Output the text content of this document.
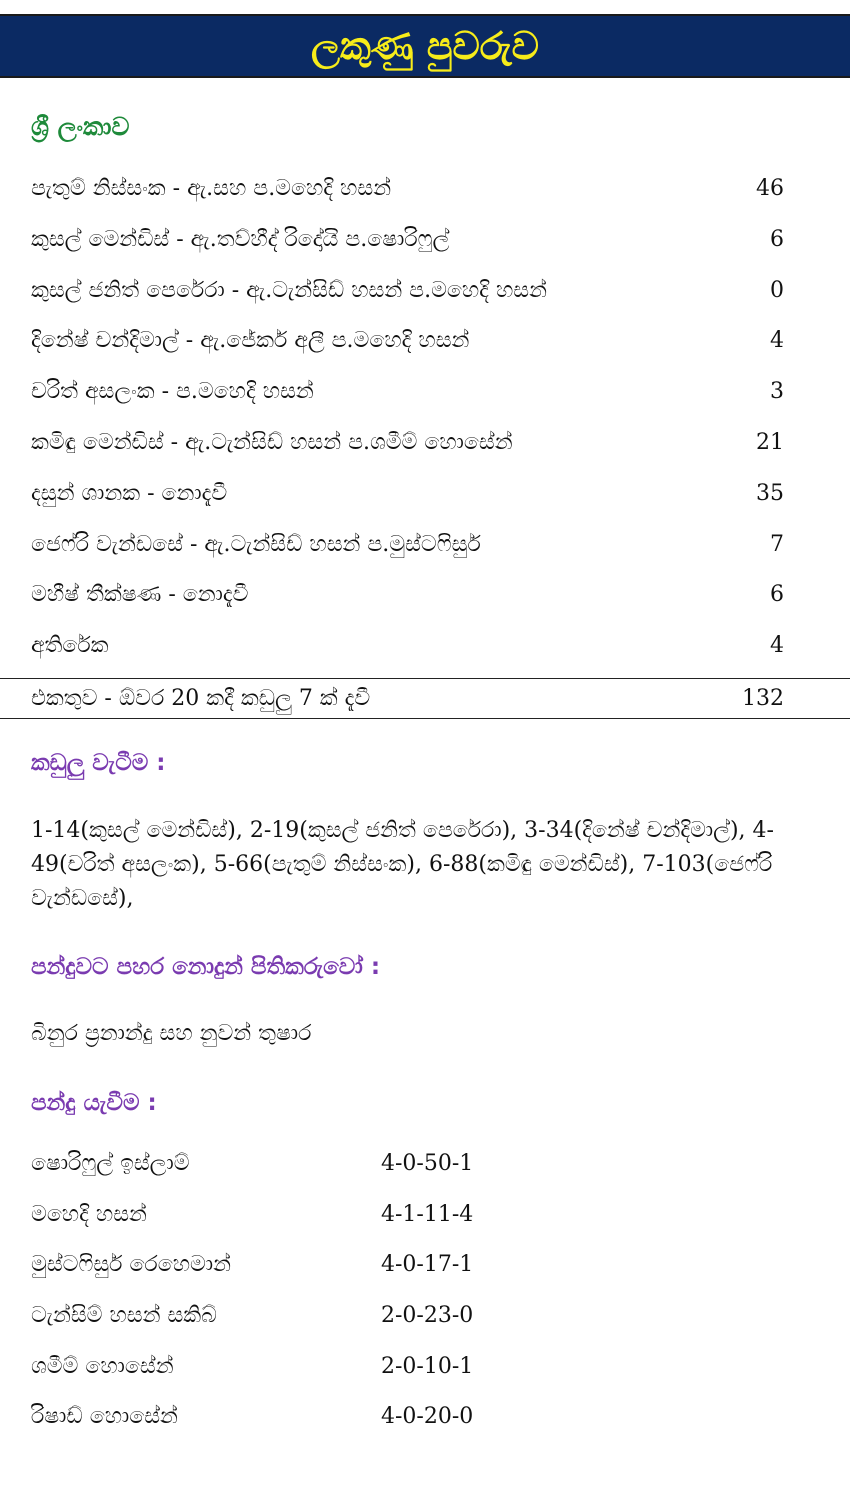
ලකුණු පුවරුව
ශ්‍රී ලංකාව
පැතුම් නිස්සංක - ඇ.සහ ප.මහෙදි හසන්	46
කුසල් මෙන්ඩිස් - ඇ.තව්හීද් රිදෝයි ප.ෂොරිෆුල්	6
කුසල් ජනිත් පෙරේරා - ඇ.ටැන්සිඩ් හසන් ප.මහෙදි හසන්	0
දිනේෂ් චන්දිමාල් - ඇ.ජේකර් අලී ප.මහෙදි හසන්	4
චරිත් අසලංක - ප.මහෙදි හසන්	3
කමිඳු මෙන්ඩිස් - ඇ.ටැන්සිඩ් හසන් ප.ශමීම් හොසේන්	21
දසුන් ශානක - නොදැවී	35
ජෙෆ්රි වැන්ඩසේ - ඇ.ටැන්සිඩ් හසන් ප.මුස්ටෆිසුර්	7
මහීෂ් තීක්ෂණ - නොදැවී	6
අතිරේක	4
එකතුව - ඕවර 20 කදී කඩුලු 7 ක් දැවී	132
කඩුලු වැටීම :
1-14(කුසල් මෙන්ඩිස්), 2-19(කුසල් ජනිත් පෙරේරා), 3-34(දිනේෂ් චන්දිමාල්), 4-49(චරිත් අසලංක), 5-66(පැතුම් නිස්සංක), 6-88(කමිඳු මෙන්ඩිස්), 7-103(ජෙෆ්රි වැන්ඩසේ),
පන්දුවට පහර නොදුන් පිතිකරුවෝ :
බිනුර ප්‍රනාන්දු සහ නුවන් තුෂාර
පන්දු යැවීම :
ෂොරිෆුල් ඉස්ලාම්	4-0-50-1
මහෙදි හසන්	4-1-11-4
මුස්ටෆිසුර් රෙහෙමාන්	4-0-17-1
ටැන්සිම් හසන් සකිබ්	2-0-23-0
ශමීම් හොසේන්	2-0-10-1
රිෂාඩ් හොසේන්	4-0-20-0
